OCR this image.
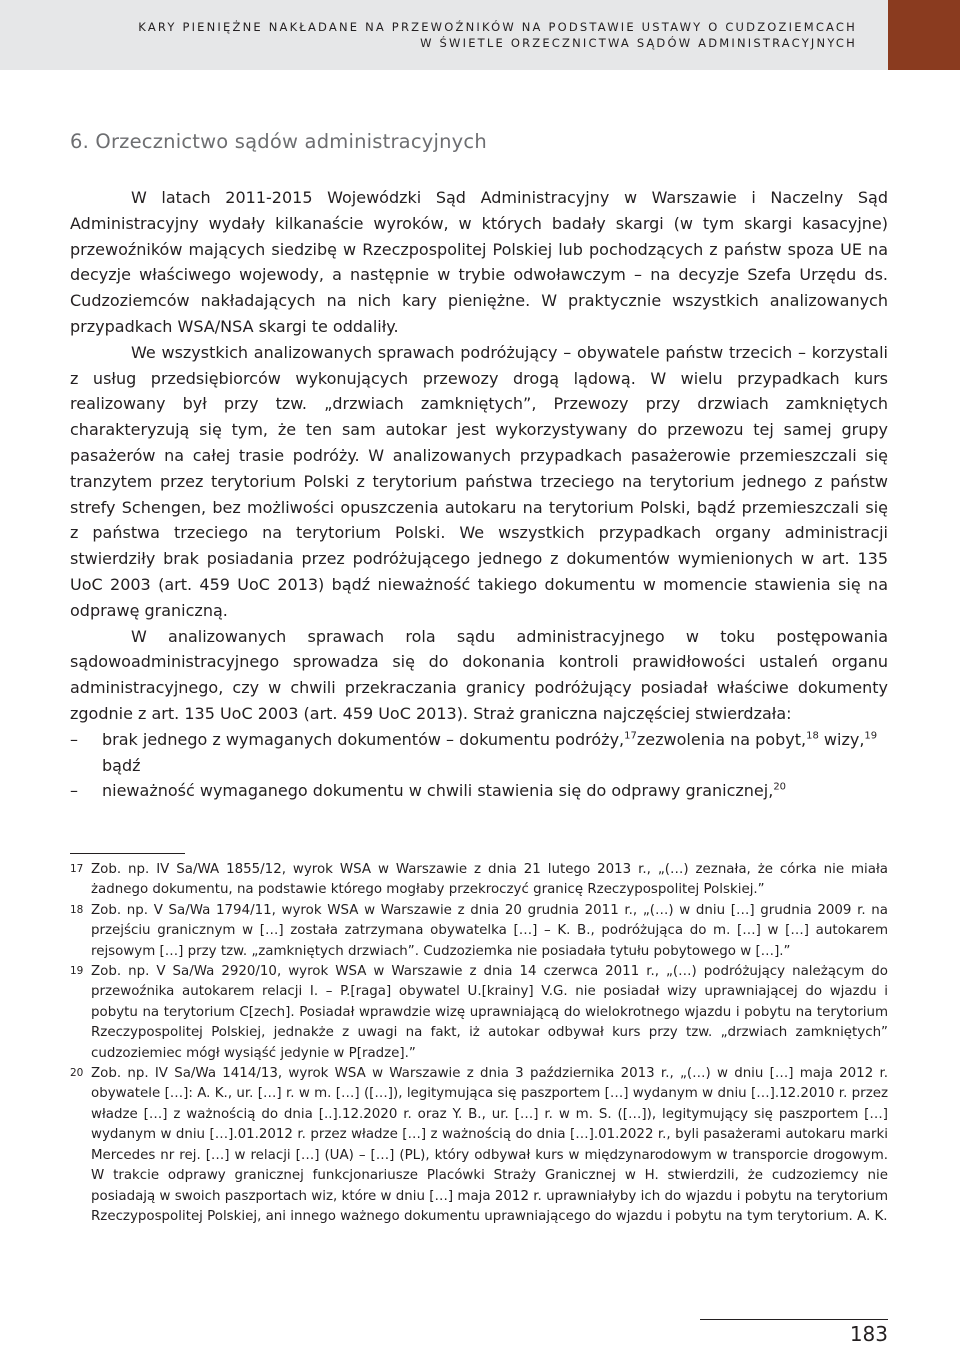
KARY PIENIĘŻNE NAKŁADANE NA PRZEWOŹNIKÓW NA PODSTAWIE USTAWY O CUDZOZIEMCACH
W ŚWIETLE ORZECZNICTWA SĄDÓW ADMINISTRACYJNYCH
6. Orzecznictwo sądów administracyjnych

W latach 2011-2015 Wojewódzki Sąd Administracyjny w Warszawie i Naczelny Sąd Administracyjny wydały kilkanaście wyroków, w których badały skargi (w tym skargi kasacyjne) przewoźników mających siedzibę w Rzeczpospolitej Polskiej lub pochodzących z państw spoza UE na decyzje właściwego wojewody, a następnie w trybie odwoławczym – na decyzje Szefa Urzędu ds. Cudzoziemców nakładających na nich kary pieniężne. W praktycznie wszystkich analizowanych przypadkach WSA/NSA skargi te oddaliły.

We wszystkich analizowanych sprawach podróżujący – obywatele państw trzecich – korzystali z usług przedsiębiorców wykonujących przewozy drogą lądową. W wielu przypadkach kurs realizowany był przy tzw. „drzwiach zamkniętych”, Przewozy przy drzwiach zamkniętych charakteryzują się tym, że ten sam autokar jest wykorzystywany do przewozu tej samej grupy pasażerów na całej trasie podróży. W analizowanych przypadkach pasażerowie przemieszczali się tranzytem przez terytorium Polski z terytorium państwa trzeciego na terytorium jednego z państw strefy Schengen, bez możliwości opuszczenia autokaru na terytorium Polski, bądź przemieszczali się z państwa trzeciego na terytorium Polski. We wszystkich przypadkach organy administracji stwierdziły brak posiadania przez podróżującego jednego z dokumentów wymienionych w art. 135 UoC 2003 (art. 459 UoC 2013) bądź nieważność takiego dokumentu w momencie stawienia się na odprawę graniczną.

W analizowanych sprawach rola sądu administracyjnego w toku postępowania sądowoadministracyjnego sprowadza się do dokonania kontroli prawidłowości ustaleń organu administracyjnego, czy w chwili przekraczania granicy podróżujący posiadał właściwe dokumenty zgodnie z art. 135 UoC 2003 (art. 459 UoC 2013). Straż graniczna najczęściej stwierdzała:

– brak jednego z wymaganych dokumentów – dokumentu podróży,$^{17}$zezwolenia na pobyt,$^{18}$ wizy,$^{19}$ bądź
– nieważność wymaganego dokumentu w chwili stawienia się do odprawy granicznej,$^{20}$

17 Zob. np. IV Sa/WA 1855/12, wyrok WSA w Warszawie z dnia 21 lutego 2013 r., „(…) zeznała, że córka nie miała żadnego dokumentu, na podstawie którego mogłaby przekroczyć granicę Rzeczypospolitej Polskiej.”

18 Zob. np. V Sa/Wa 1794/11, wyrok WSA w Warszawie z dnia 20 grudnia 2011 r., „(…) w dniu […] grudnia 2009 r. na przejściu granicznym w […] została zatrzymana obywatelka […] – K. B., podróżująca do m. […] w […] autokarem rejsowym […] przy tzw. „zamkniętych drzwiach”. Cudzoziemka nie posiadała tytułu pobytowego w […].”

19 Zob. np. V Sa/Wa 2920/10, wyrok WSA w Warszawie z dnia 14 czerwca 2011 r., „(…) podróżujący należącym do przewoźnika autokarem relacji I. – P.[raga] obywatel U.[krainy] V.G. nie posiadał wizy uprawniającej do wjazdu i pobytu na terytorium C[zech]. Posiadał wprawdzie wizę uprawniającą do wielokrotnego wjazdu i pobytu na terytorium Rzeczypospolitej Polskiej, jednakże z uwagi na fakt, iż autokar odbywał kurs przy tzw. „drzwiach zamkniętych” cudzoziemiec mógł wysiąść jedynie w P[radze].”

20 Zob. np. IV Sa/Wa 1414/13, wyrok WSA w Warszawie z dnia 3 października 2013 r., „(…) w dniu […] maja 2012 r. obywatele […]: A. K., ur. […] r. w m. […] ([…]), legitymująca się paszportem […] wydanym w dniu […].12.2010 r. przez władze […] z ważnością do dnia [..].12.2020 r. oraz Y. B., ur. […] r. w m. S. ([…]), legitymujący się paszportem […] wydanym w dniu […].01.2012 r. przez władze […] z ważnością do dnia […].01.2022 r., byli pasażerami autokaru marki Mercedes nr rej. […] w relacji […] (UA) – […] (PL), który odbywał kurs w międzynarodowym w transporcie drogowym. W trakcie odprawy granicznej funkcjonariusze Placówki Straży Granicznej w H. stwierdzili, że cudzoziemcy nie posiadają w swoich paszportach wiz, które w dniu […] maja 2012 r. uprawniałyby ich do wjazdu i pobytu na terytorium Rzeczypospolitej Polskiej, ani innego ważnego dokumentu uprawniającego do wjazdu i pobytu na tym terytorium. A. K.

183
